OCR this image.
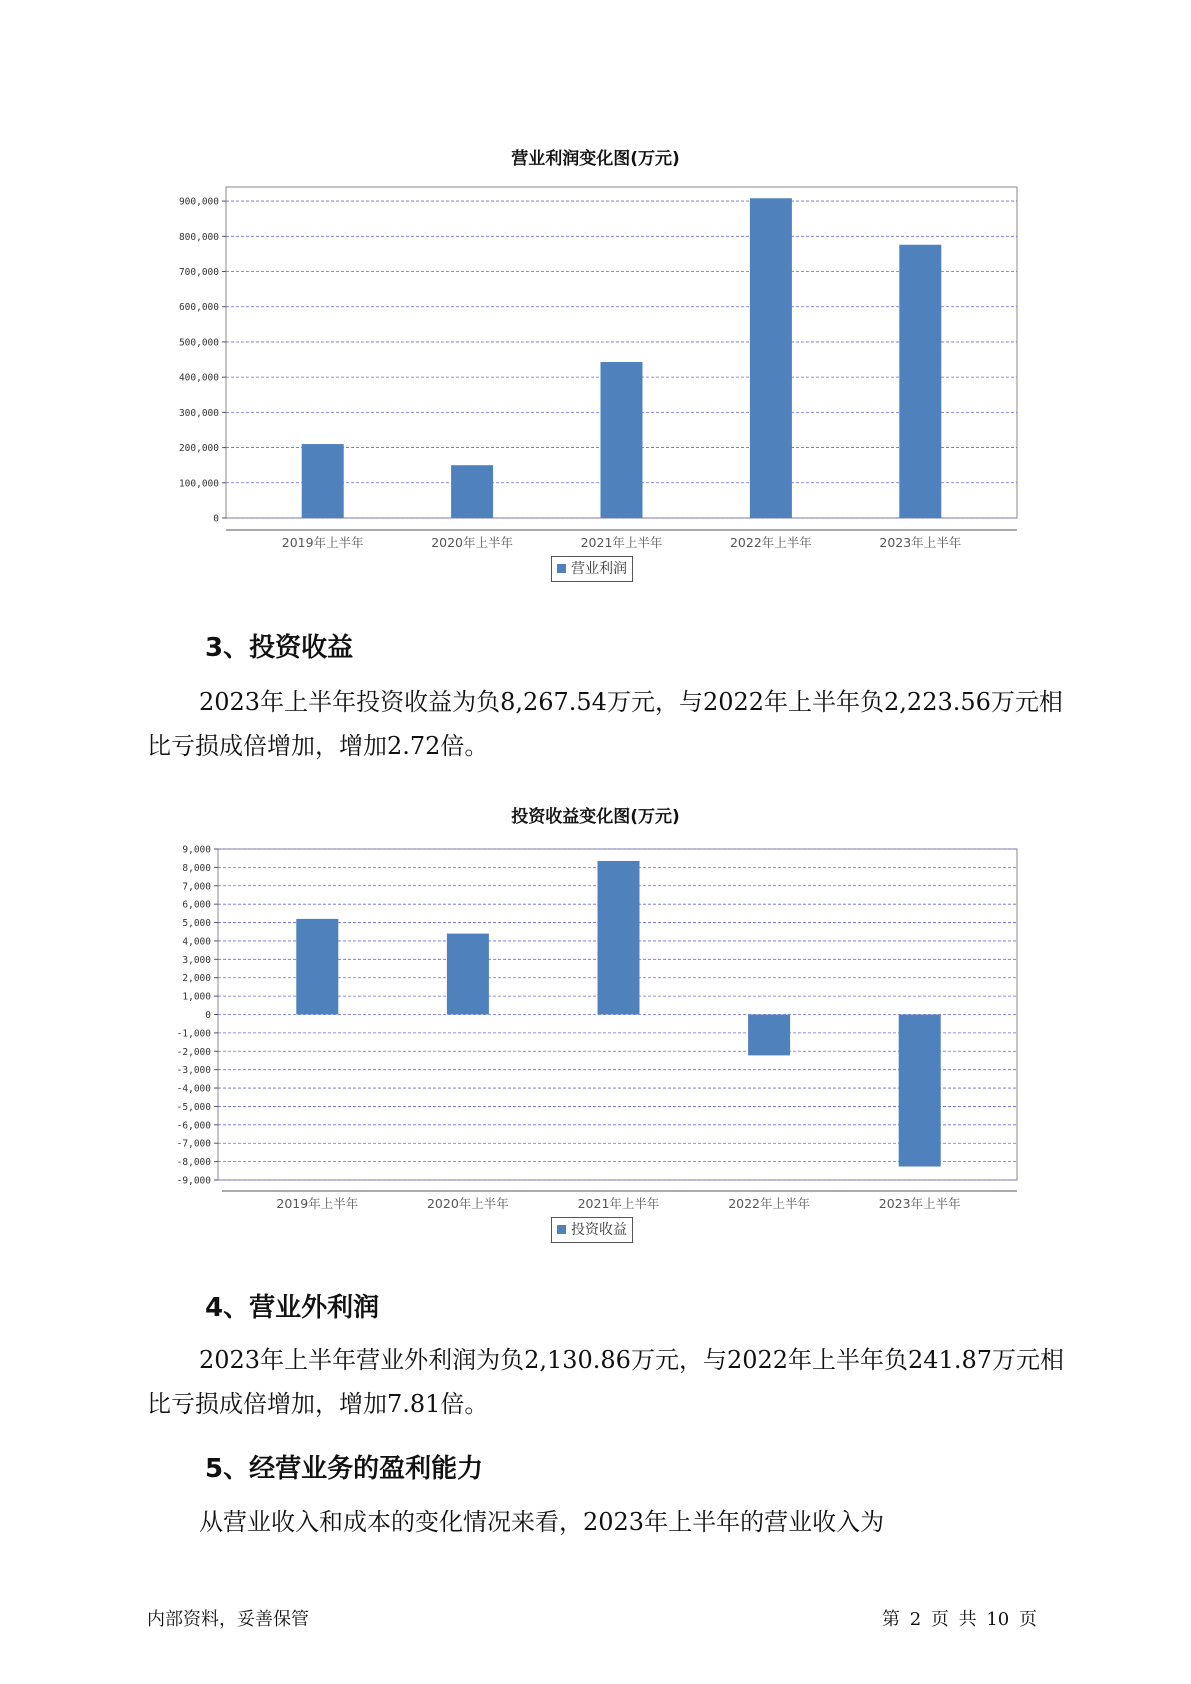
营业利润变化图(万元)
0
100,000
200,000
300,000
400,000
500,000
600,000
700,000
800,000
900,000
2019年上半年	2020年上半年	2021年上半年	2022年上半年	2023年上半年
营业利润
3、投资收益
2023年上半年投资收益为负8,267.54万元，与2022年上半年负2,223.56万元相比亏损成倍增加，增加2.72倍。
投资收益变化图(万元)
9,000
8,000
7,000
6,000
5,000
4,000
3,000
2,000
1,000
0
-1,000
-2,000
-3,000
-4,000
-5,000
-6,000
-7,000
-8,000
-9,000
2019年上半年	2020年上半年	2021年上半年	2022年上半年	2023年上半年
投资收益
4、营业外利润
2023年上半年营业外利润为负2,130.86万元，与2022年上半年负241.87万元相比亏损成倍增加，增加7.81倍。
5、经营业务的盈利能力
从营业收入和成本的变化情况来看，2023年上半年的营业收入为
内部资料，妥善保管	第 2 页 共 10 页
